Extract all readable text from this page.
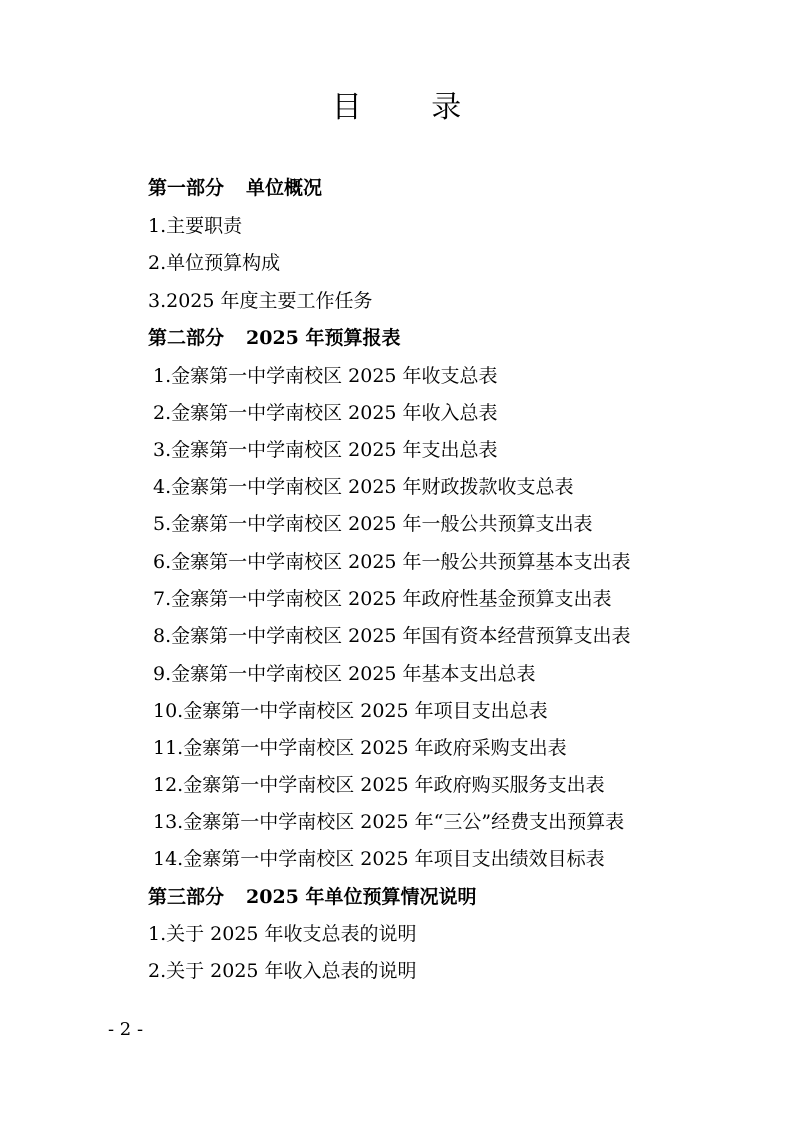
目 录
第一部分 单位概况
1.主要职责
2.单位预算构成
3.2025 年度主要工作任务
第二部分 2025 年预算报表
1.金寨第一中学南校区 2025 年收支总表
2.金寨第一中学南校区 2025 年收入总表
3.金寨第一中学南校区 2025 年支出总表
4.金寨第一中学南校区 2025 年财政拨款收支总表
5.金寨第一中学南校区 2025 年一般公共预算支出表
6.金寨第一中学南校区 2025 年一般公共预算基本支出表
7.金寨第一中学南校区 2025 年政府性基金预算支出表
8.金寨第一中学南校区 2025 年国有资本经营预算支出表
9.金寨第一中学南校区 2025 年基本支出总表
10.金寨第一中学南校区 2025 年项目支出总表
11.金寨第一中学南校区 2025 年政府采购支出表
12.金寨第一中学南校区 2025 年政府购买服务支出表
13.金寨第一中学南校区 2025 年“三公”经费支出预算表
14.金寨第一中学南校区 2025 年项目支出绩效目标表
第三部分 2025 年单位预算情况说明
1.关于 2025 年收支总表的说明
2.关于 2025 年收入总表的说明
- 2 -
